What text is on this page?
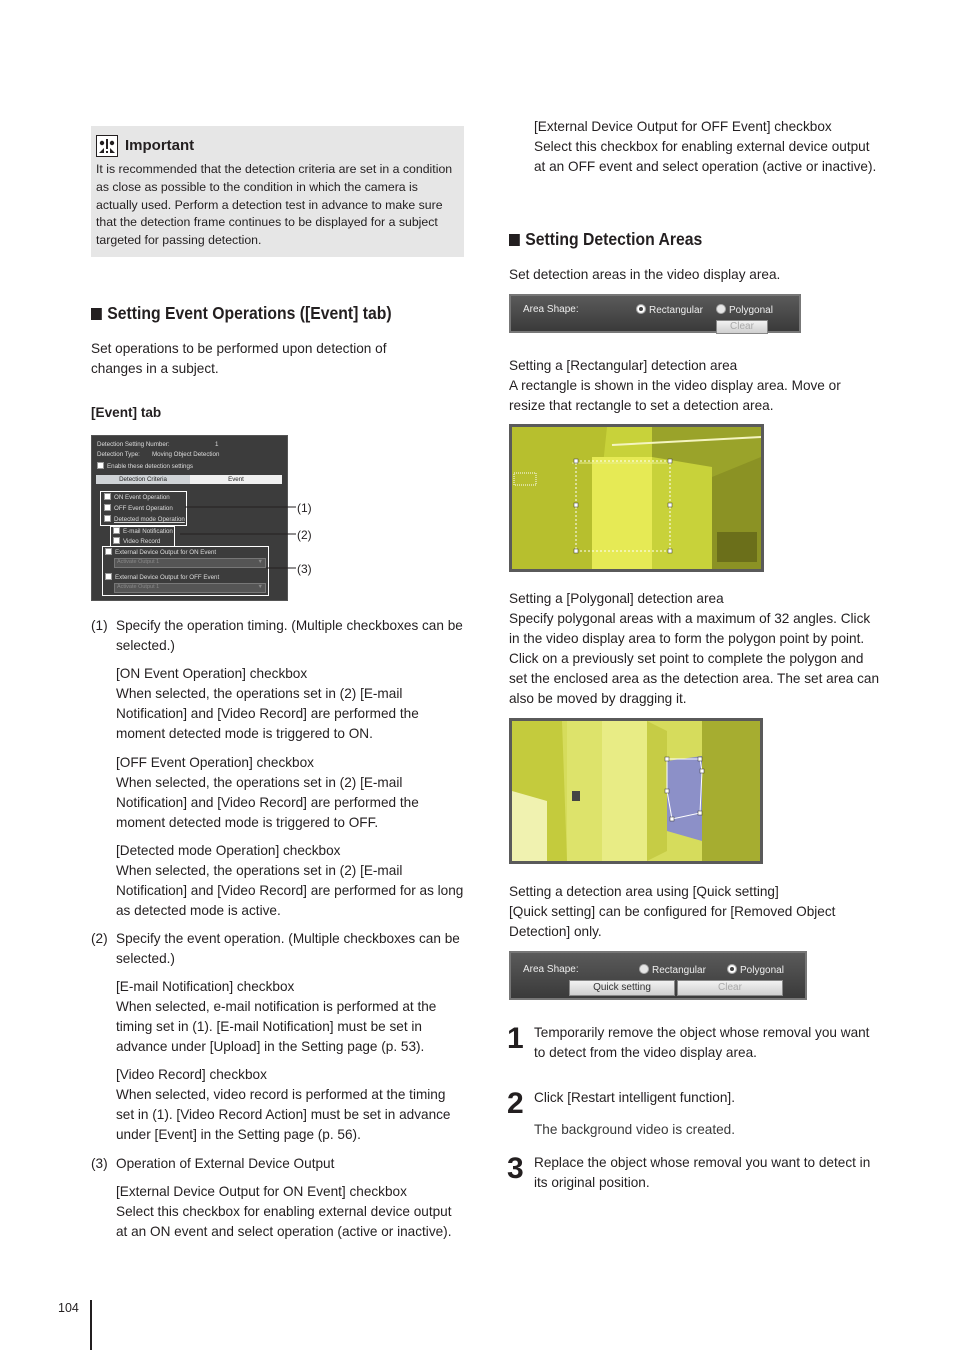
Important
It is recommended that the detection criteria are set in a condition as close as possible to the condition in which the camera is actually used. Perform a detection test in advance to make sure that the detection frame continues to be displayed for a subject targeted for passing detection.
Setting Event Operations ([Event] tab)
Set operations to be performed upon detection of changes in a subject.
[Event] tab
Detection Setting Number:	1
Detection Type: Moving Object Detection
Enable these detection settings
Detection Criteria	Event
ON Event Operation
OFF Event Operation
Detected mode Operation
E-mail Notification
Video Record
External Device Output for ON Event
Activate Output 1	▼
External Device Output for OFF Event
Activate Output 1	▼
(1)
(2)
(3)
(1) Specify the operation timing. (Multiple checkboxes can be selected.)
[ON Event Operation] checkbox
When selected, the operations set in (2) [E-mail Notification] and [Video Record] are performed the moment detected mode is triggered to ON.
[OFF Event Operation] checkbox
When selected, the operations set in (2) [E-mail Notification] and [Video Record] are performed the moment detected mode is triggered to OFF.
[Detected mode Operation] checkbox
When selected, the operations set in (2) [E-mail Notification] and [Video Record] are performed for as long as detected mode is active.
(2) Specify the event operation. (Multiple checkboxes can be selected.)
[E-mail Notification] checkbox
When selected, e-mail notification is performed at the timing set in (1). [E-mail Notification] must be set in advance under [Upload] in the Setting page (p. 53).
[Video Record] checkbox
When selected, video record is performed at the timing set in (1). [Video Record Action] must be set in advance under [Event] in the Setting page (p. 56).
(3) Operation of External Device Output
[External Device Output for ON Event] checkbox
Select this checkbox for enabling external device output at an ON event and select operation (active or inactive).
[External Device Output for OFF Event] checkbox
Select this checkbox for enabling external device output at an OFF event and select operation (active or inactive).
Setting Detection Areas
Set detection areas in the video display area.
Area Shape:	Rectangular	Polygonal
Clear
Setting a [Rectangular] detection area
A rectangle is shown in the video display area. Move or resize that rectangle to set a detection area.
Setting a [Polygonal] detection area
Specify polygonal areas with a maximum of 32 angles. Click in the video display area to form the polygon point by point. Click on a previously set point to complete the polygon and set the enclosed area as the detection area. The set area can also be moved by dragging it.
Setting a detection area using [Quick setting]
[Quick setting] can be configured for [Removed Object Detection] only.
Area Shape:	Rectangular	Polygonal
Quick setting	Clear
1 Temporarily remove the object whose removal you want to detect from the video display area.
2 Click [Restart intelligent function].
The background video is created.
3 Replace the object whose removal you want to detect in its original position.
104
